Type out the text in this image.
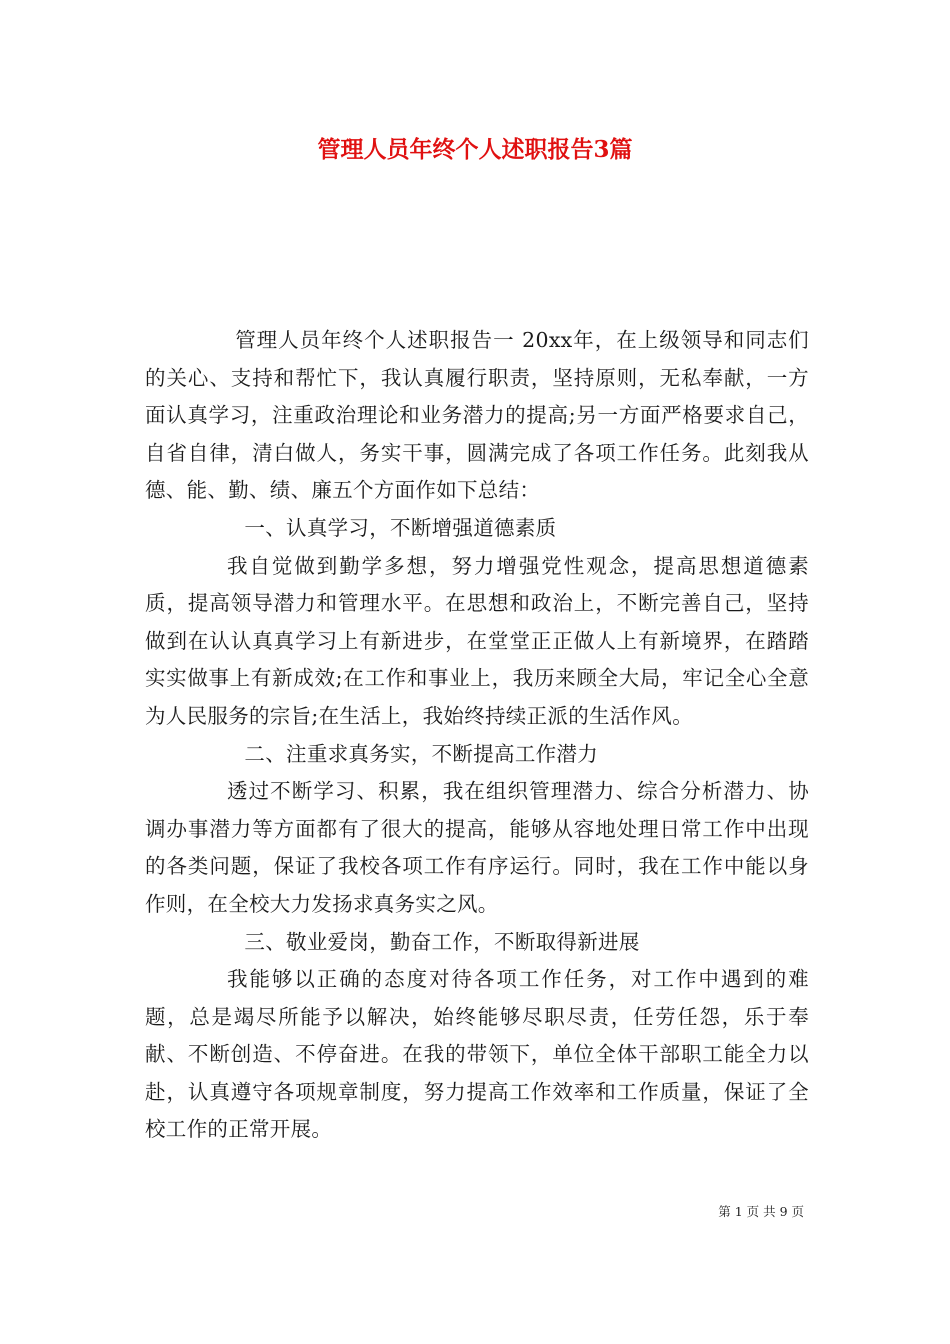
管理人员年终个人述职报告3篇

管理人员年终个人述职报告一 20xx年，在上级领导和同志们的关心、支持和帮忙下，我认真履行职责，坚持原则，无私奉献，一方面认真学习，注重政治理论和业务潜力的提高;另一方面严格要求自己，自省自律，清白做人，务实干事，圆满完成了各项工作任务。此刻我从德、能、勤、绩、廉五个方面作如下总结：

一、认真学习，不断增强道德素质

我自觉做到勤学多想，努力增强党性观念，提高思想道德素质，提高领导潜力和管理水平。在思想和政治上，不断完善自己，坚持做到在认认真真学习上有新进步，在堂堂正正做人上有新境界，在踏踏实实做事上有新成效;在工作和事业上，我历来顾全大局，牢记全心全意为人民服务的宗旨;在生活上，我始终持续正派的生活作风。

二、注重求真务实，不断提高工作潜力

透过不断学习、积累，我在组织管理潜力、综合分析潜力、协调办事潜力等方面都有了很大的提高，能够从容地处理日常工作中出现的各类问题，保证了我校各项工作有序运行。同时，我在工作中能以身作则，在全校大力发扬求真务实之风。

三、敬业爱岗，勤奋工作，不断取得新进展

我能够以正确的态度对待各项工作任务，对工作中遇到的难题，总是竭尽所能予以解决，始终能够尽职尽责，任劳任怨，乐于奉献、不断创造、不停奋进。在我的带领下，单位全体干部职工能全力以赴，认真遵守各项规章制度，努力提高工作效率和工作质量，保证了全校工作的正常开展。

第 1 页 共 9 页
